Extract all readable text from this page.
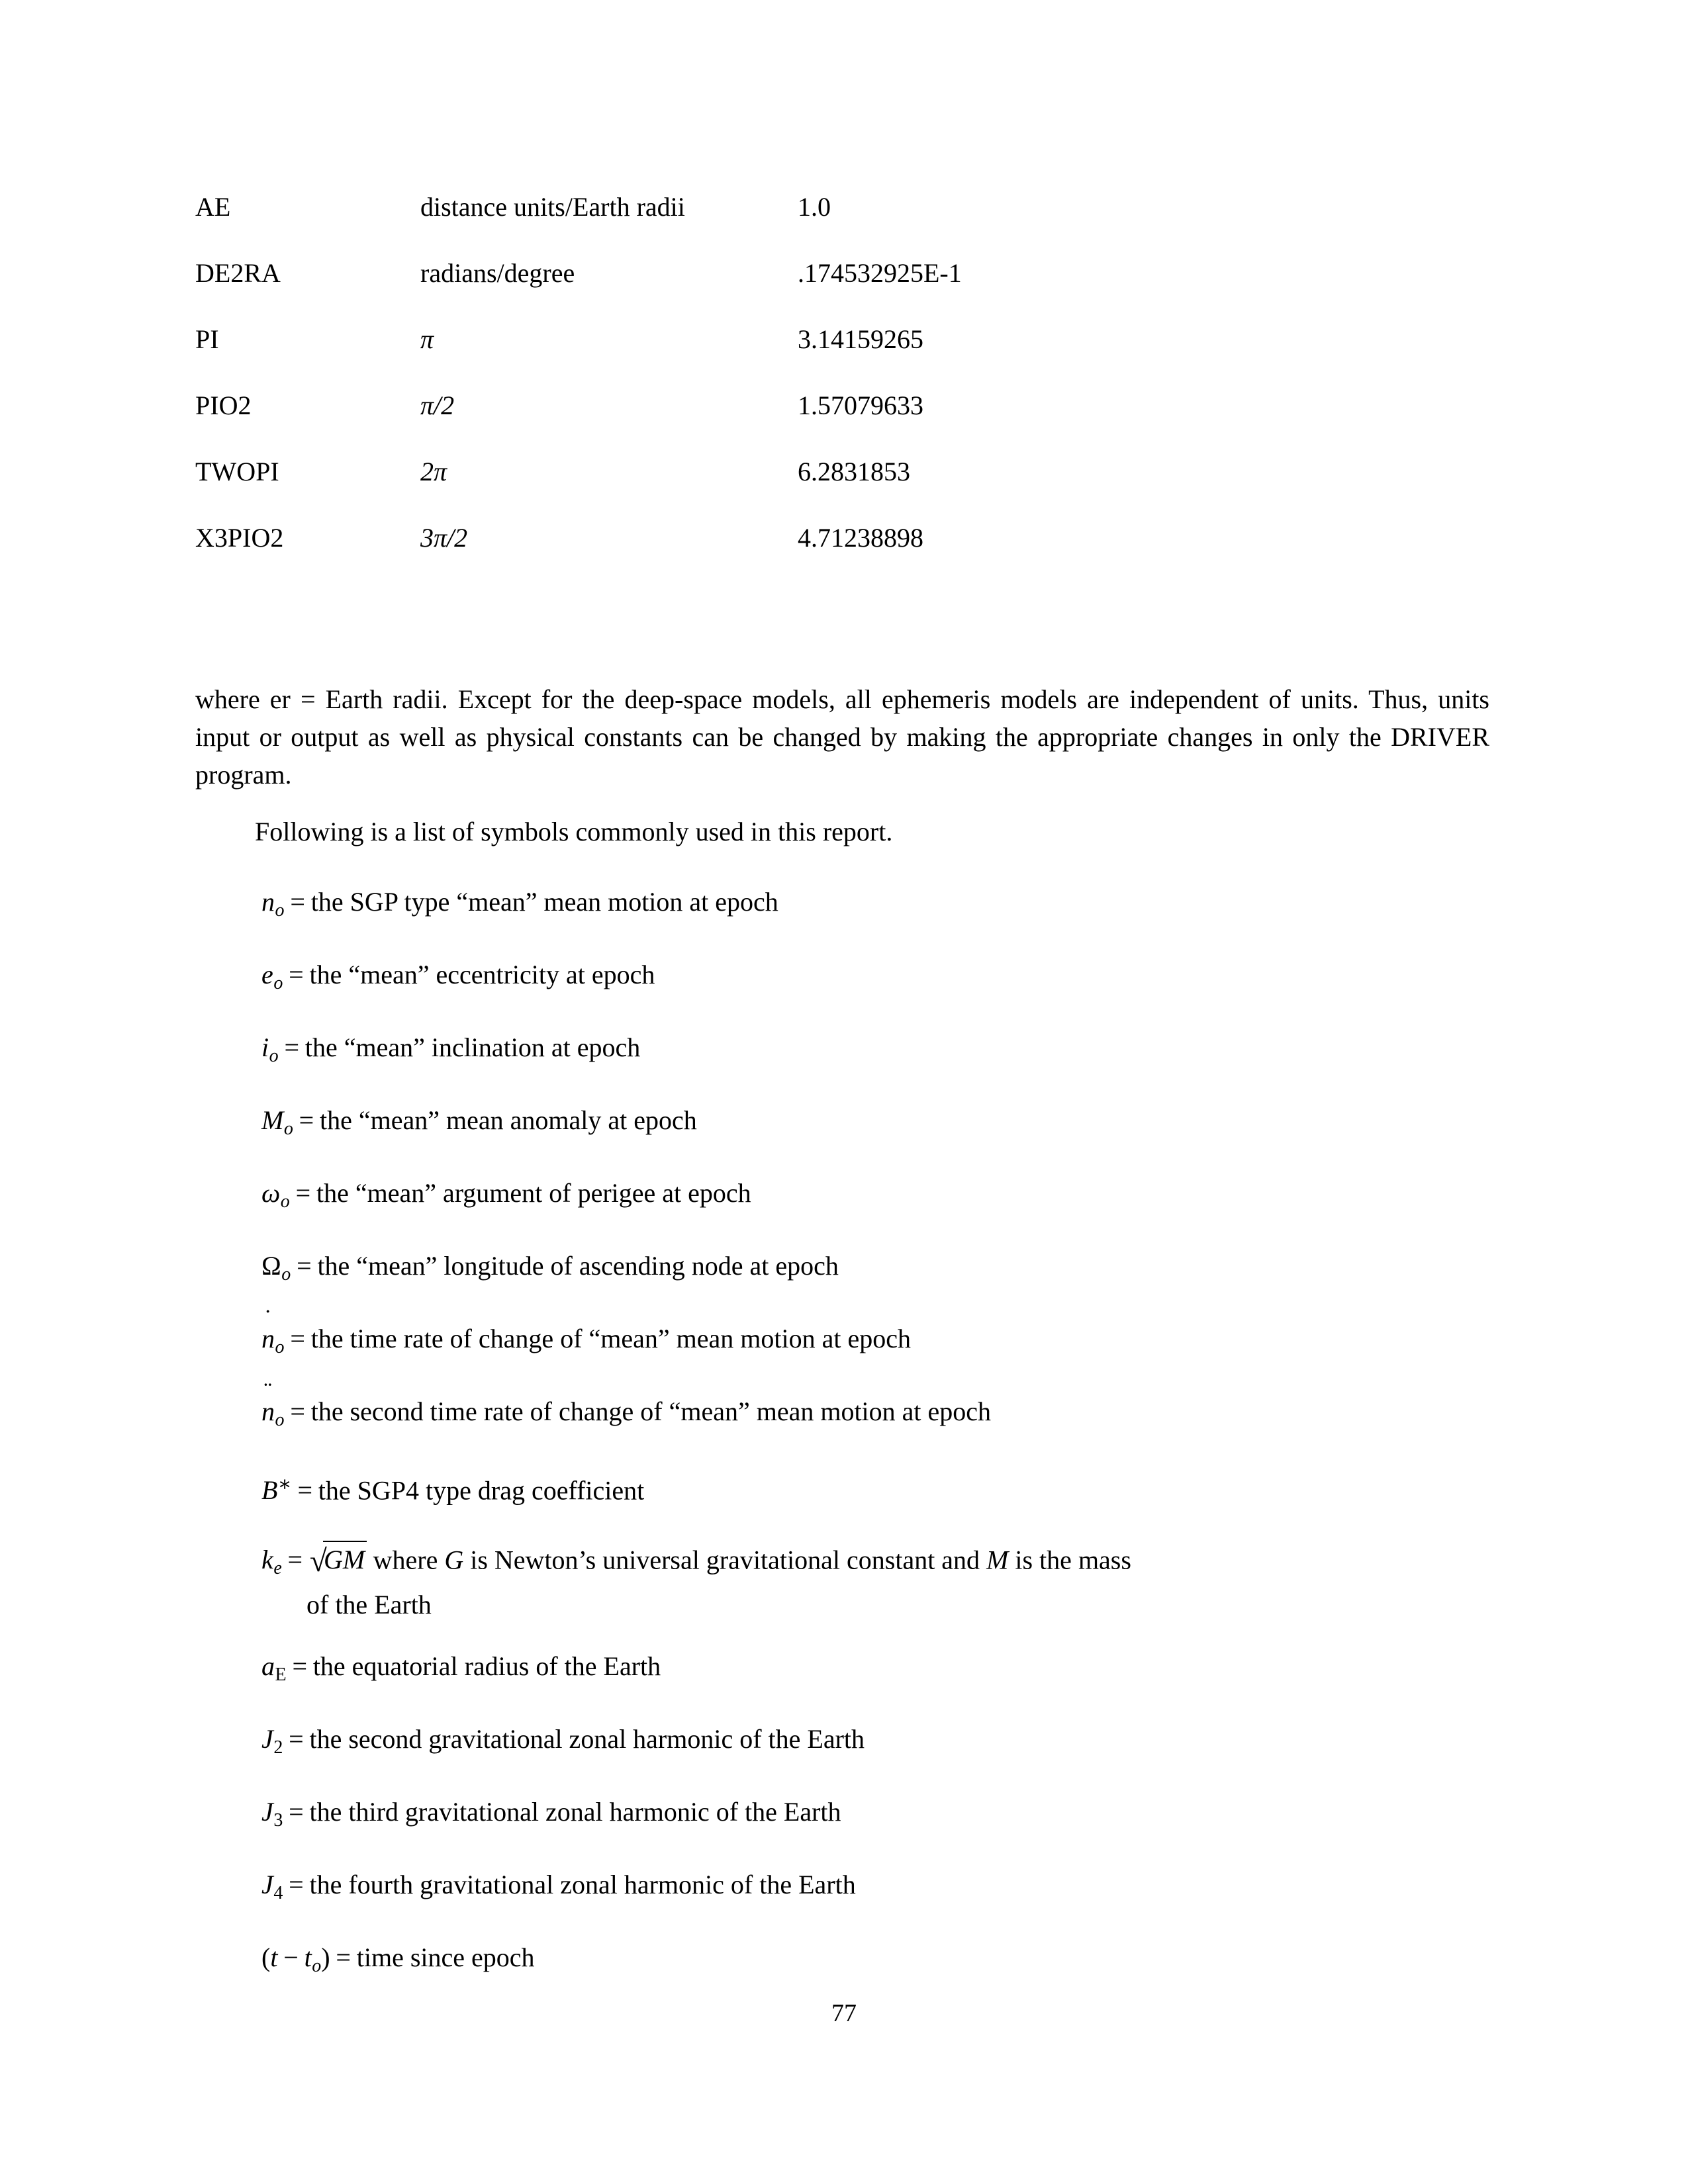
AE	distance units/Earth radii	1.0
DE2RA	radians/degree	.174532925E-1
PI	π	3.14159265
PIO2	π/2	1.57079633
TWOPI	2π	6.2831853
X3PIO2	3π/2	4.71238898

where er = Earth radii. Except for the deep-space models, all ephemeris models are independent of units. Thus, units input or output as well as physical constants can be changed by making the appropriate changes in only the DRIVER program.

Following is a list of symbols commonly used in this report.

$n_o$ = the SGP type “mean” mean motion at epoch
$e_o$ = the “mean” eccentricity at epoch
$i_o$ = the “mean” inclination at epoch
$M_o$ = the “mean” mean anomaly at epoch
$\omega_o$ = the “mean” argument of perigee at epoch
$\Omega_o$ = the “mean” longitude of ascending node at epoch
˙
$n_o$ = the time rate of change of “mean” mean motion at epoch
¨
$n_o$ = the second time rate of change of “mean” mean motion at epoch
B∗ = the SGP4 type drag coefficient
$k_e = √GM$ where G is Newton’s universal gravitational constant and M is the mass
of the Earth
$a_E$ = the equatorial radius of the Earth
$J_2$ = the second gravitational zonal harmonic of the Earth
$J_3$ = the third gravitational zonal harmonic of the Earth
$J_4$ = the fourth gravitational zonal harmonic of the Earth
$(t - t_o)$ = time since epoch
77
